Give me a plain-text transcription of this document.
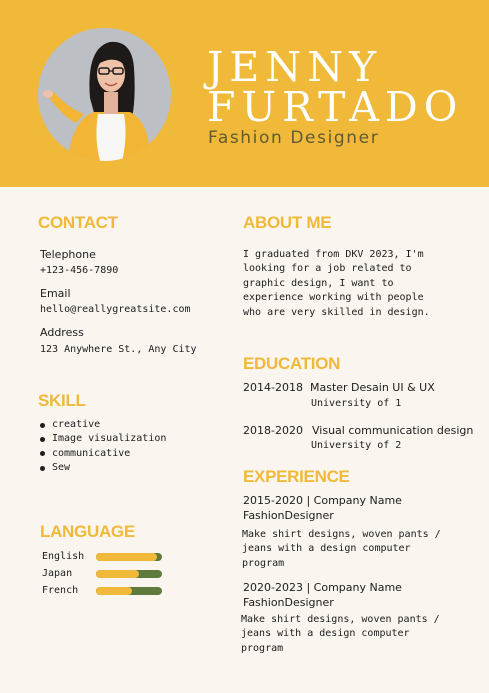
JENNY
FURTADO
Fashion Designer
CONTACT
Telephone
+123-456-7890
Email
hello@reallygreatsite.com
Address
123 Anywhere St., Any City
SKILL
creative
Image visualization
communicative
Sew
LANGUAGE
English
Japan
French
ABOUT ME
I graduated from DKV 2023, I'm
looking for a job related to
graphic design, I want to
experience working with people
who are very skilled in design.
EDUCATION
2014-2018 Master Desain UI & UX
University of 1
2018-2020 Visual communication design
University of 2
EXPERIENCE
2015-2020 | Company Name
FashionDesigner
Make shirt designs, woven pants /
jeans with a design computer
program
2020-2023 | Company Name
FashionDesigner
Make shirt designs, woven pants /
jeans with a design computer
program
